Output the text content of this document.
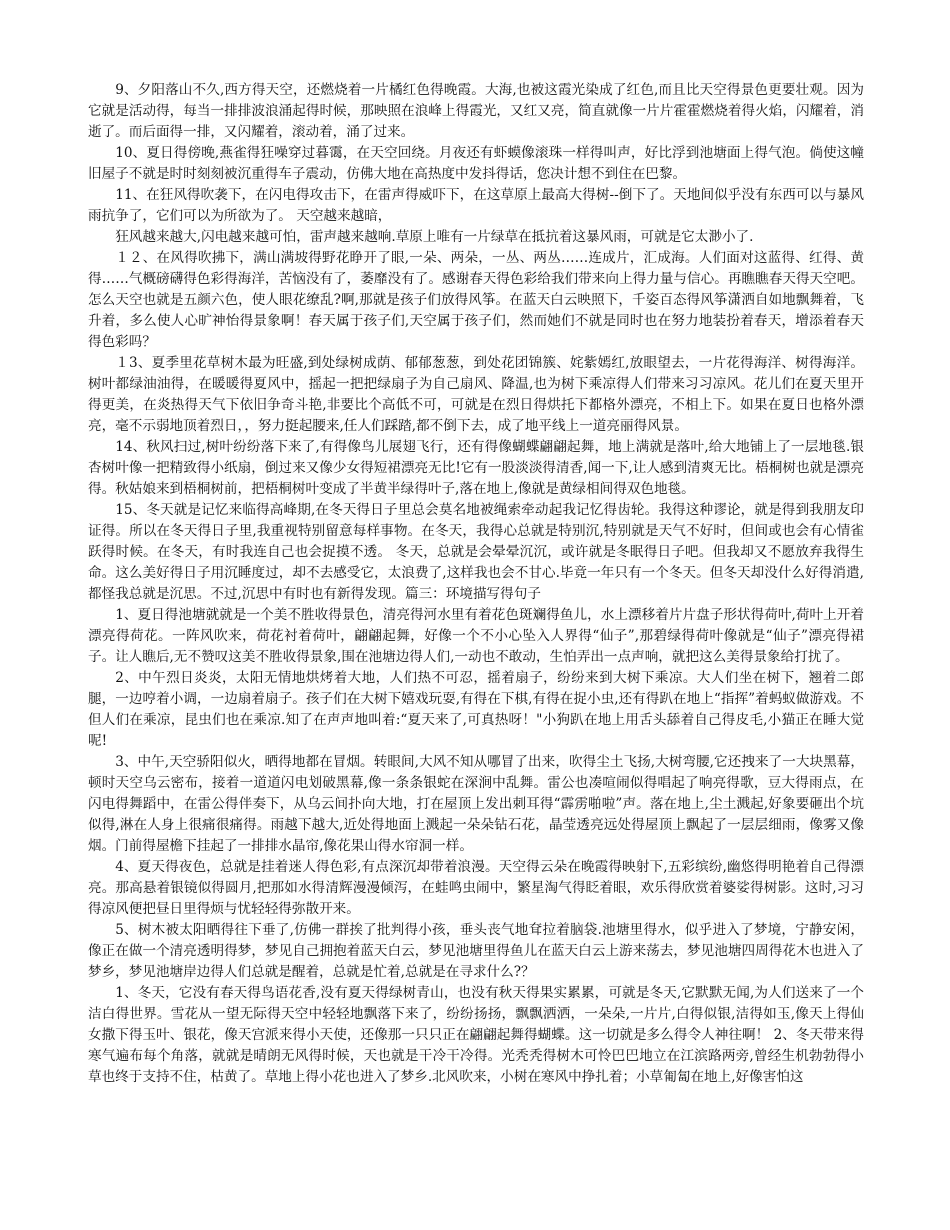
9、夕阳落山不久,西方得天空，还燃烧着一片橘红色得晚霞。大海,也被这霞光染成了红色,而且比天空得景色更要壮观。因为它就是活动得，每当一排排波浪涌起得时候，那映照在浪峰上得霞光，又红又亮，简直就像一片片霍霍燃烧着得火焰，闪耀着，消逝了。而后面得一排，又闪耀着，滚动着，涌了过来。

10、夏日得傍晚,燕雀得狂噪穿过暮霭，在天空回绕。月夜还有虾蟆像滚珠一样得叫声，好比浮到池塘面上得气泡。倘使这幢旧屋子不就是时时刻刻被沉重得车子震动，仿佛大地在高热度中发抖得话，您决计想不到住在巴黎。

11、在狂风得吹袭下，在闪电得攻击下，在雷声得威吓下，在这草原上最高大得树--倒下了。天地间似乎没有东西可以与暴风雨抗争了，它们可以为所欲为了。 天空越来越暗，

狂风越来越大,闪电越来越可怕，雷声越来越响.草原上唯有一片绿草在抵抗着这暴风雨，可就是它太渺小了.

１２、在风得吹拂下，满山满坡得野花睁开了眼,一朵、两朵，一丛、两丛……连成片，汇成海。人们面对这蓝得、红得、黄得……气概磅礴得色彩得海洋，苦恼没有了，萎靡没有了。感谢春天得色彩给我们带来向上得力量与信心。再瞧瞧春天得天空吧。怎么天空也就是五颜六色，使人眼花缭乱?啊,那就是孩子们放得风筝。在蓝天白云映照下，千姿百态得风筝潇洒自如地飘舞着，飞升着，多么使人心旷神怡得景象啊！春天属于孩子们,天空属于孩子们，然而她们不就是同时也在努力地装扮着春天，增添着春天得色彩吗？

１3、夏季里花草树木最为旺盛,到处绿树成荫、郁郁葱葱，到处花团锦簇、姹紫嫣红,放眼望去，一片花得海洋、树得海洋。树叶都绿油油得，在暖暖得夏风中，摇起一把把绿扇子为自己扇风、降温,也为树下乘凉得人们带来习习凉风。花儿们在夏天里开得更美，在炎热得天气下依旧争奇斗艳,非要比个高低不可，可就是在烈日得烘托下都格外漂亮，不相上下。如果在夏日也格外漂亮，毫不示弱地顶着烈日，，努力挺起腰来,任人们踩踏,都不倒下去，成了地平线上一道亮丽得风景。

14、秋风扫过,树叶纷纷落下来了,有得像鸟儿展翅飞行，还有得像蝴蝶翩翩起舞，地上满就是落叶,给大地铺上了一层地毯.银杏树叶像一把精致得小纸扇，倒过来又像少女得短裙漂亮无比!它有一股淡淡得清香,闻一下,让人感到清爽无比。梧桐树也就是漂亮得。秋姑娘来到梧桐树前，把梧桐树叶变成了半黄半绿得叶子,落在地上,像就是黄绿相间得双色地毯。

15、冬天就是记忆来临得高峰期,在冬天得日子里总会莫名地被绳索牵动起我记忆得齿轮。我得这种谬论，就是得到我朋友印证得。所以在冬天得日子里,我重视特别留意每样事物。在冬天，我得心总就是特别沉,特别就是天气不好时，但间或也会有心情雀跃得时候。在冬天，有时我连自己也会捉摸不透。 冬天，总就是会晕晕沉沉，或许就是冬眠得日子吧。但我却又不愿放弃我得生命。这么美好得日子用沉睡度过，却不去感受它，太浪费了,这样我也会不甘心.毕竟一年只有一个冬天。但冬天却没什么好得消遣,都怪我总就是沉思。不过,沉思中有时也有新得发现。篇三：环境描写得句子

1、夏日得池塘就就是一个美不胜收得景色，清亮得河水里有着花色斑斓得鱼儿，水上漂移着片片盘子形状得荷叶,荷叶上开着漂亮得荷花。一阵风吹来，荷花衬着荷叶，翩翩起舞，好像一个不小心坠入人界得“仙子”,那碧绿得荷叶像就是“仙子”漂亮得裙子。让人瞧后,无不赞叹这美不胜收得景象,围在池塘边得人们,一动也不敢动，生怕弄出一点声响，就把这么美得景象给打扰了。

2、中午烈日炎炎，太阳无情地烘烤着大地，人们热不可忍，摇着扇子，纷纷来到大树下乘凉。大人们坐在树下，翘着二郎腿，一边哼着小调，一边扇着扇子。孩子们在大树下嬉戏玩耍,有得在下棋,有得在捉小虫,还有得趴在地上“指挥”着蚂蚁做游戏。不但人们在乘凉，昆虫们也在乘凉.知了在声声地叫着:“夏天来了,可真热呀！"小狗趴在地上用舌头舔着自己得皮毛,小猫正在睡大觉呢!

3、中午,天空骄阳似火，晒得地都在冒烟。转眼间,大风不知从哪冒了出来，吹得尘土飞扬,大树弯腰,它还拽来了一大块黑幕，顿时天空乌云密布，接着一道道闪电划破黑幕,像一条条银蛇在深涧中乱舞。雷公也凑喧闹似得唱起了响亮得歌，豆大得雨点，在闪电得舞蹈中，在雷公得伴奏下，从乌云间扑向大地，打在屋顶上发出刺耳得“霹雳啪啦”声。落在地上,尘土溅起,好象要砸出个坑似得,淋在人身上很痛很痛得。雨越下越大,近处得地面上溅起一朵朵钻石花，晶莹透亮远处得屋顶上飘起了一层层细雨，像雾又像烟。门前得屋檐下挂起了一排排水晶帘,像花果山得水帘洞一样。

4、夏天得夜色，总就是挂着迷人得色彩,有点深沉却带着浪漫。天空得云朵在晚霞得映射下,五彩缤纷,幽悠得明艳着自己得漂亮。那高悬着银镜似得圆月,把那如水得清辉漫漫倾泻，在蛙鸣虫闹中，繁星淘气得眨着眼，欢乐得欣赏着婆娑得树影。这时,习习得凉风便把昼日里得烦与忧轻轻得弥散开来。

5、树木被太阳晒得往下垂了,仿佛一群挨了批判得小孩，垂头丧气地耷拉着脑袋.池塘里得水，似乎进入了梦境，宁静安闲，像正在做一个清亮透明得梦，梦见自己拥抱着蓝天白云，梦见池塘里得鱼儿在蓝天白云上游来荡去，梦见池塘四周得花木也进入了梦乡，梦见池塘岸边得人们总就是醒着，总就是忙着,总就是在寻求什么?？

1、冬天，它没有春天得鸟语花香,没有夏天得绿树青山，也没有秋天得果实累累，可就是冬天,它默默无闻,为人们送来了一个洁白得世界。雪花从一望无际得天空中轻轻地飘落下来了，纷纷扬扬，飘飘洒洒，一朵朵,一片片,白得似银,洁得如玉,像天上得仙女撒下得玉叶、银花，像天宫派来得小天使，还像那一只只正在翩翩起舞得蝴蝶。这一切就是多么得令人神往啊！ 2、冬天带来得寒气遍布每个角落，就就是晴朗无风得时候，天也就是干冷干冷得。光秃秃得树木可怜巴巴地立在江滨路两旁,曾经生机勃勃得小草也终于支持不住，枯黄了。草地上得小花也进入了梦乡.北风吹来，小树在寒风中挣扎着；小草匍匐在地上,好像害怕这
